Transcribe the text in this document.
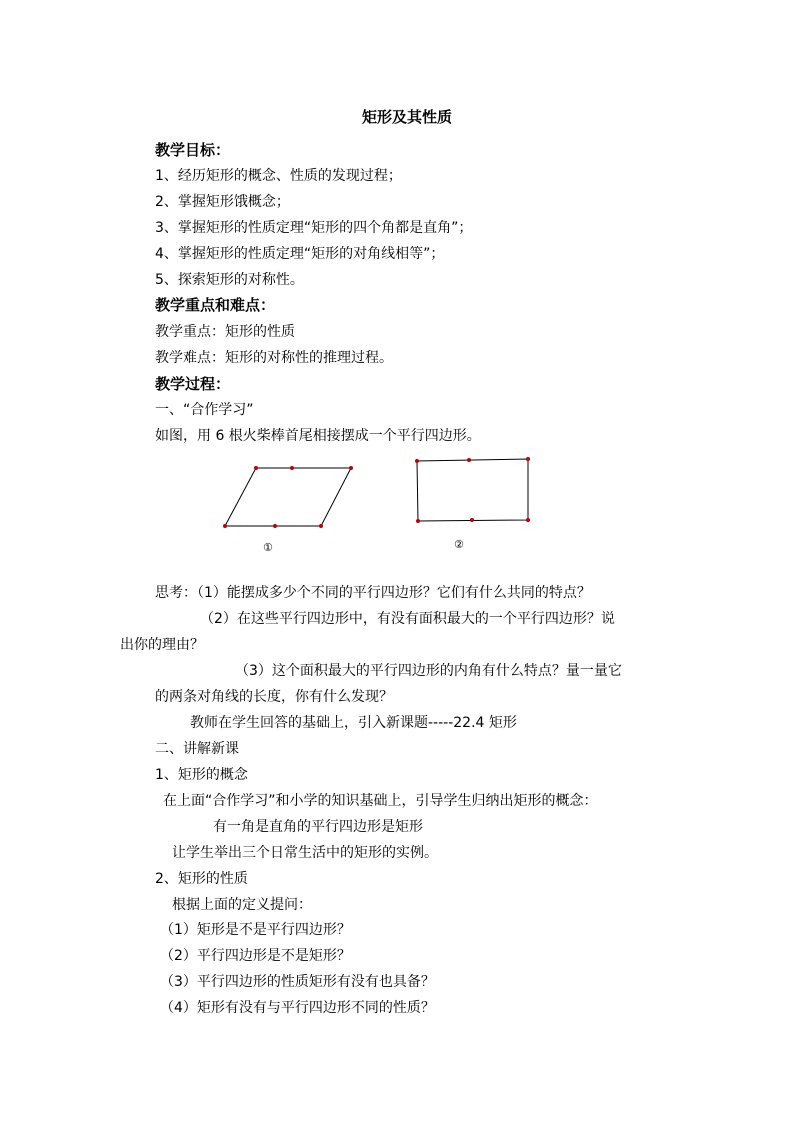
矩形及其性质
教学目标：
1、经历矩形的概念、性质的发现过程；
2、掌握矩形饿概念；
3、掌握矩形的性质定理“矩形的四个角都是直角”；
4、掌握矩形的性质定理“矩形的对角线相等”；
5、探索矩形的对称性。
教学重点和难点：
教学重点：矩形的性质
教学难点：矩形的对称性的推理过程。
教学过程：
一、“合作学习”
如图，用 6 根火柴棒首尾相接摆成一个平行四边形。
①	②
思考：（1）能摆成多少个不同的平行四边形？它们有什么共同的特点？
（2）在这些平行四边形中，有没有面积最大的一个平行四边形？说
出你的理由？
（3）这个面积最大的平行四边形的内角有什么特点？量一量它
的两条对角线的长度，你有什么发现？
教师在学生回答的基础上，引入新课题-----22.4 矩形
二、讲解新课
1、矩形的概念
在上面“合作学习”和小学的知识基础上，引导学生归纳出矩形的概念：
有一角是直角的平行四边形是矩形
让学生举出三个日常生活中的矩形的实例。
2、矩形的性质
根据上面的定义提问：
（1）矩形是不是平行四边形？
（2）平行四边形是不是矩形？
（3）平行四边形的性质矩形有没有也具备？
（4）矩形有没有与平行四边形不同的性质？
